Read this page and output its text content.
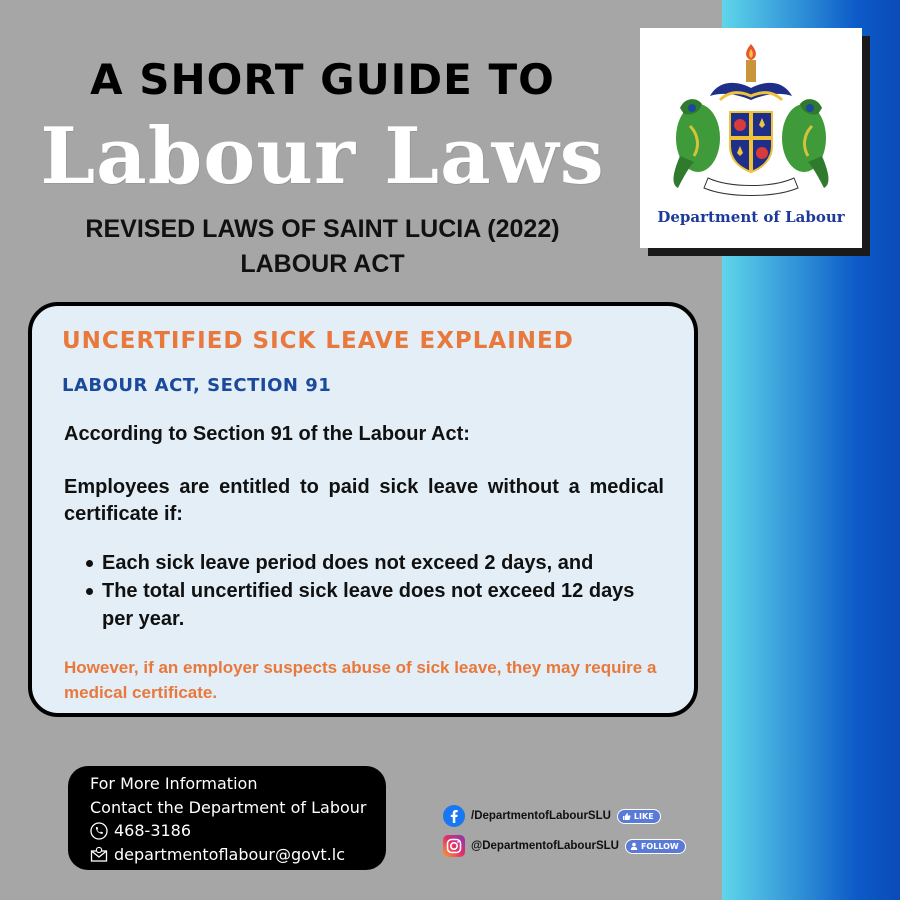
A SHORT GUIDE TO
Labour Laws
REVISED LAWS OF SAINT LUCIA (2022)
LABOUR ACT
Department of Labour
UNCERTIFIED SICK LEAVE EXPLAINED
LABOUR ACT, SECTION 91
According to Section 91 of the Labour Act:
Employees are entitled to paid sick leave without a medical certificate if:
Each sick leave period does not exceed 2 days, and
The total uncertified sick leave does not exceed 12 days per year.
However, if an employer suspects abuse of sick leave, they may require a medical certificate.
For More Information
Contact the Department of Labour
468-3186
departmentoflabour@govt.lc
/DepartmentofLabourSLU	LIKE
@DepartmentofLabourSLU	FOLLOW
